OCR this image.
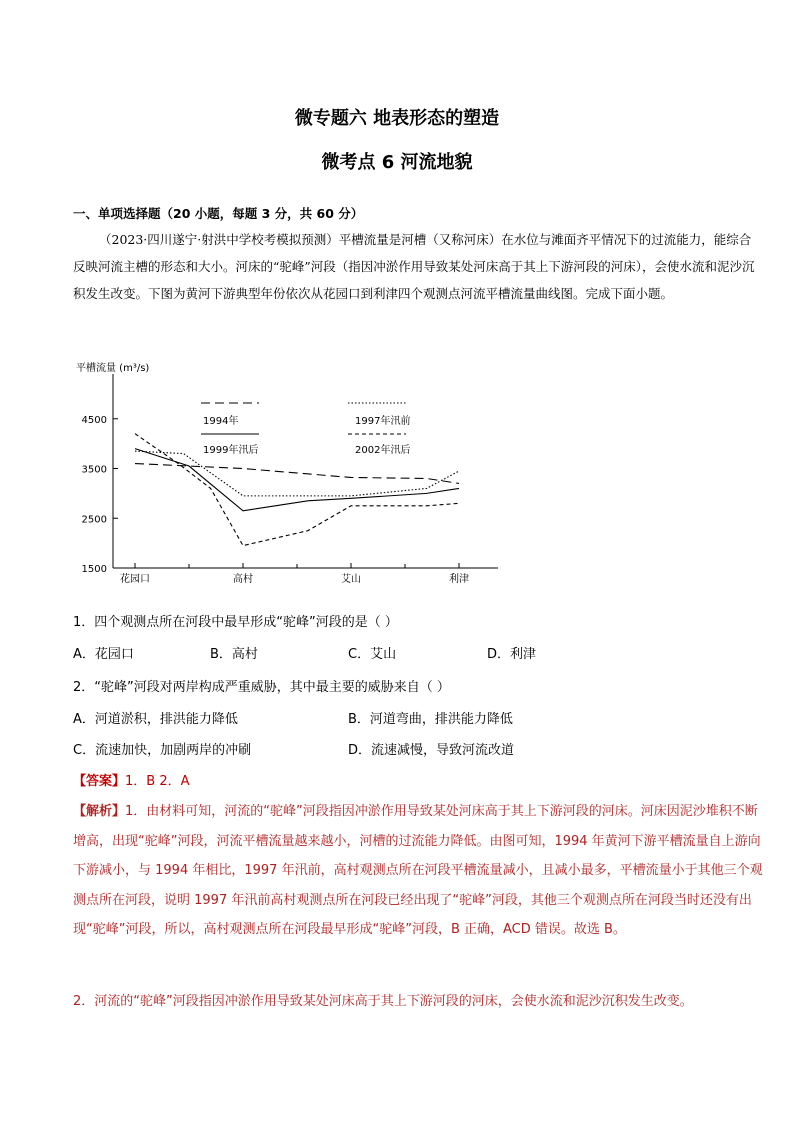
微专题六 地表形态的塑造
微考点 6 河流地貌
一、单项选择题（20 小题，每题 3 分，共 60 分）
（2023·四川遂宁·射洪中学校考模拟预测）平槽流量是河槽（又称河床）在水位与滩面齐平情况下的过流能力，能综合反映河流主槽的形态和大小。河床的“驼峰”河段（指因冲淤作用导致某处河床高于其上下游河段的河床），会使水流和泥沙沉积发生改变。下图为黄河下游典型年份依次从花园口到利津四个观测点河流平槽流量曲线图。完成下面小题。
平槽流量 (m³/s)
1500
2500
3500
4500
花园口	高村	艾山	利津
1994年	1997年汛前
1999年汛后	2002年汛后
1．四个观测点所在河段中最早形成“驼峰”河段的是（ ）
A．花园口	B．高村	C．艾山	D．利津
2．“驼峰”河段对两岸构成严重威胁，其中最主要的威胁来自（ ）
A．河道淤积，排洪能力降低	B．河道弯曲，排洪能力降低
C．流速加快，加剧两岸的冲刷	D．流速减慢，导致河流改道
【答案】1．B 2．A
【解析】1．由材料可知，河流的“驼峰”河段指因冲淤作用导致某处河床高于其上下游河段的河床。河床因泥沙堆积不断增高，出现“驼峰”河段，河流平槽流量越来越小，河槽的过流能力降低。由图可知，1994 年黄河下游平槽流量自上游向下游减小，与 1994 年相比，1997 年汛前，高村观测点所在河段平槽流量减小，且减小最多，平槽流量小于其他三个观测点所在河段，说明 1997 年汛前高村观测点所在河段已经出现了“驼峰”河段，其他三个观测点所在河段当时还没有出现“驼峰”河段，所以，高村观测点所在河段最早形成“驼峰”河段，B 正确，ACD 错误。故选 B。
2．河流的“驼峰”河段指因冲淤作用导致某处河床高于其上下游河段的河床，会使水流和泥沙沉积发生改变。
